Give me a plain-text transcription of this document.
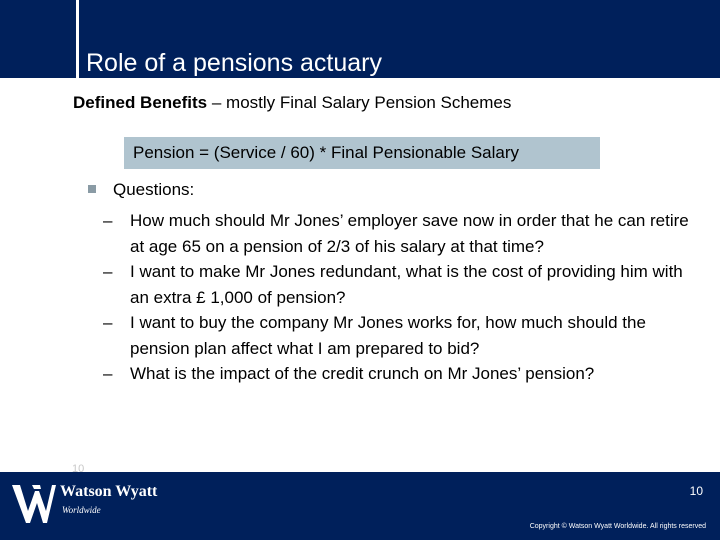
Role of a pensions actuary
Defined Benefits – mostly Final Salary Pension Schemes
Pension = (Service / 60) * Final Pensionable Salary
Questions:
–	How much should Mr Jones’ employer save now in order that he can retire at age 65 on a pension of 2/3 of his salary at that time?
–	I want to make Mr Jones redundant, what is the cost of providing him with an extra £ 1,000 of pension?
–	I want to buy the company Mr Jones works for, how much should the pension plan affect what I am prepared to bid?
–	What is the impact of the credit crunch on Mr Jones’ pension?
10
Watson Wyatt
Worldwide
10
Copyright © Watson Wyatt Worldwide. All rights reserved
